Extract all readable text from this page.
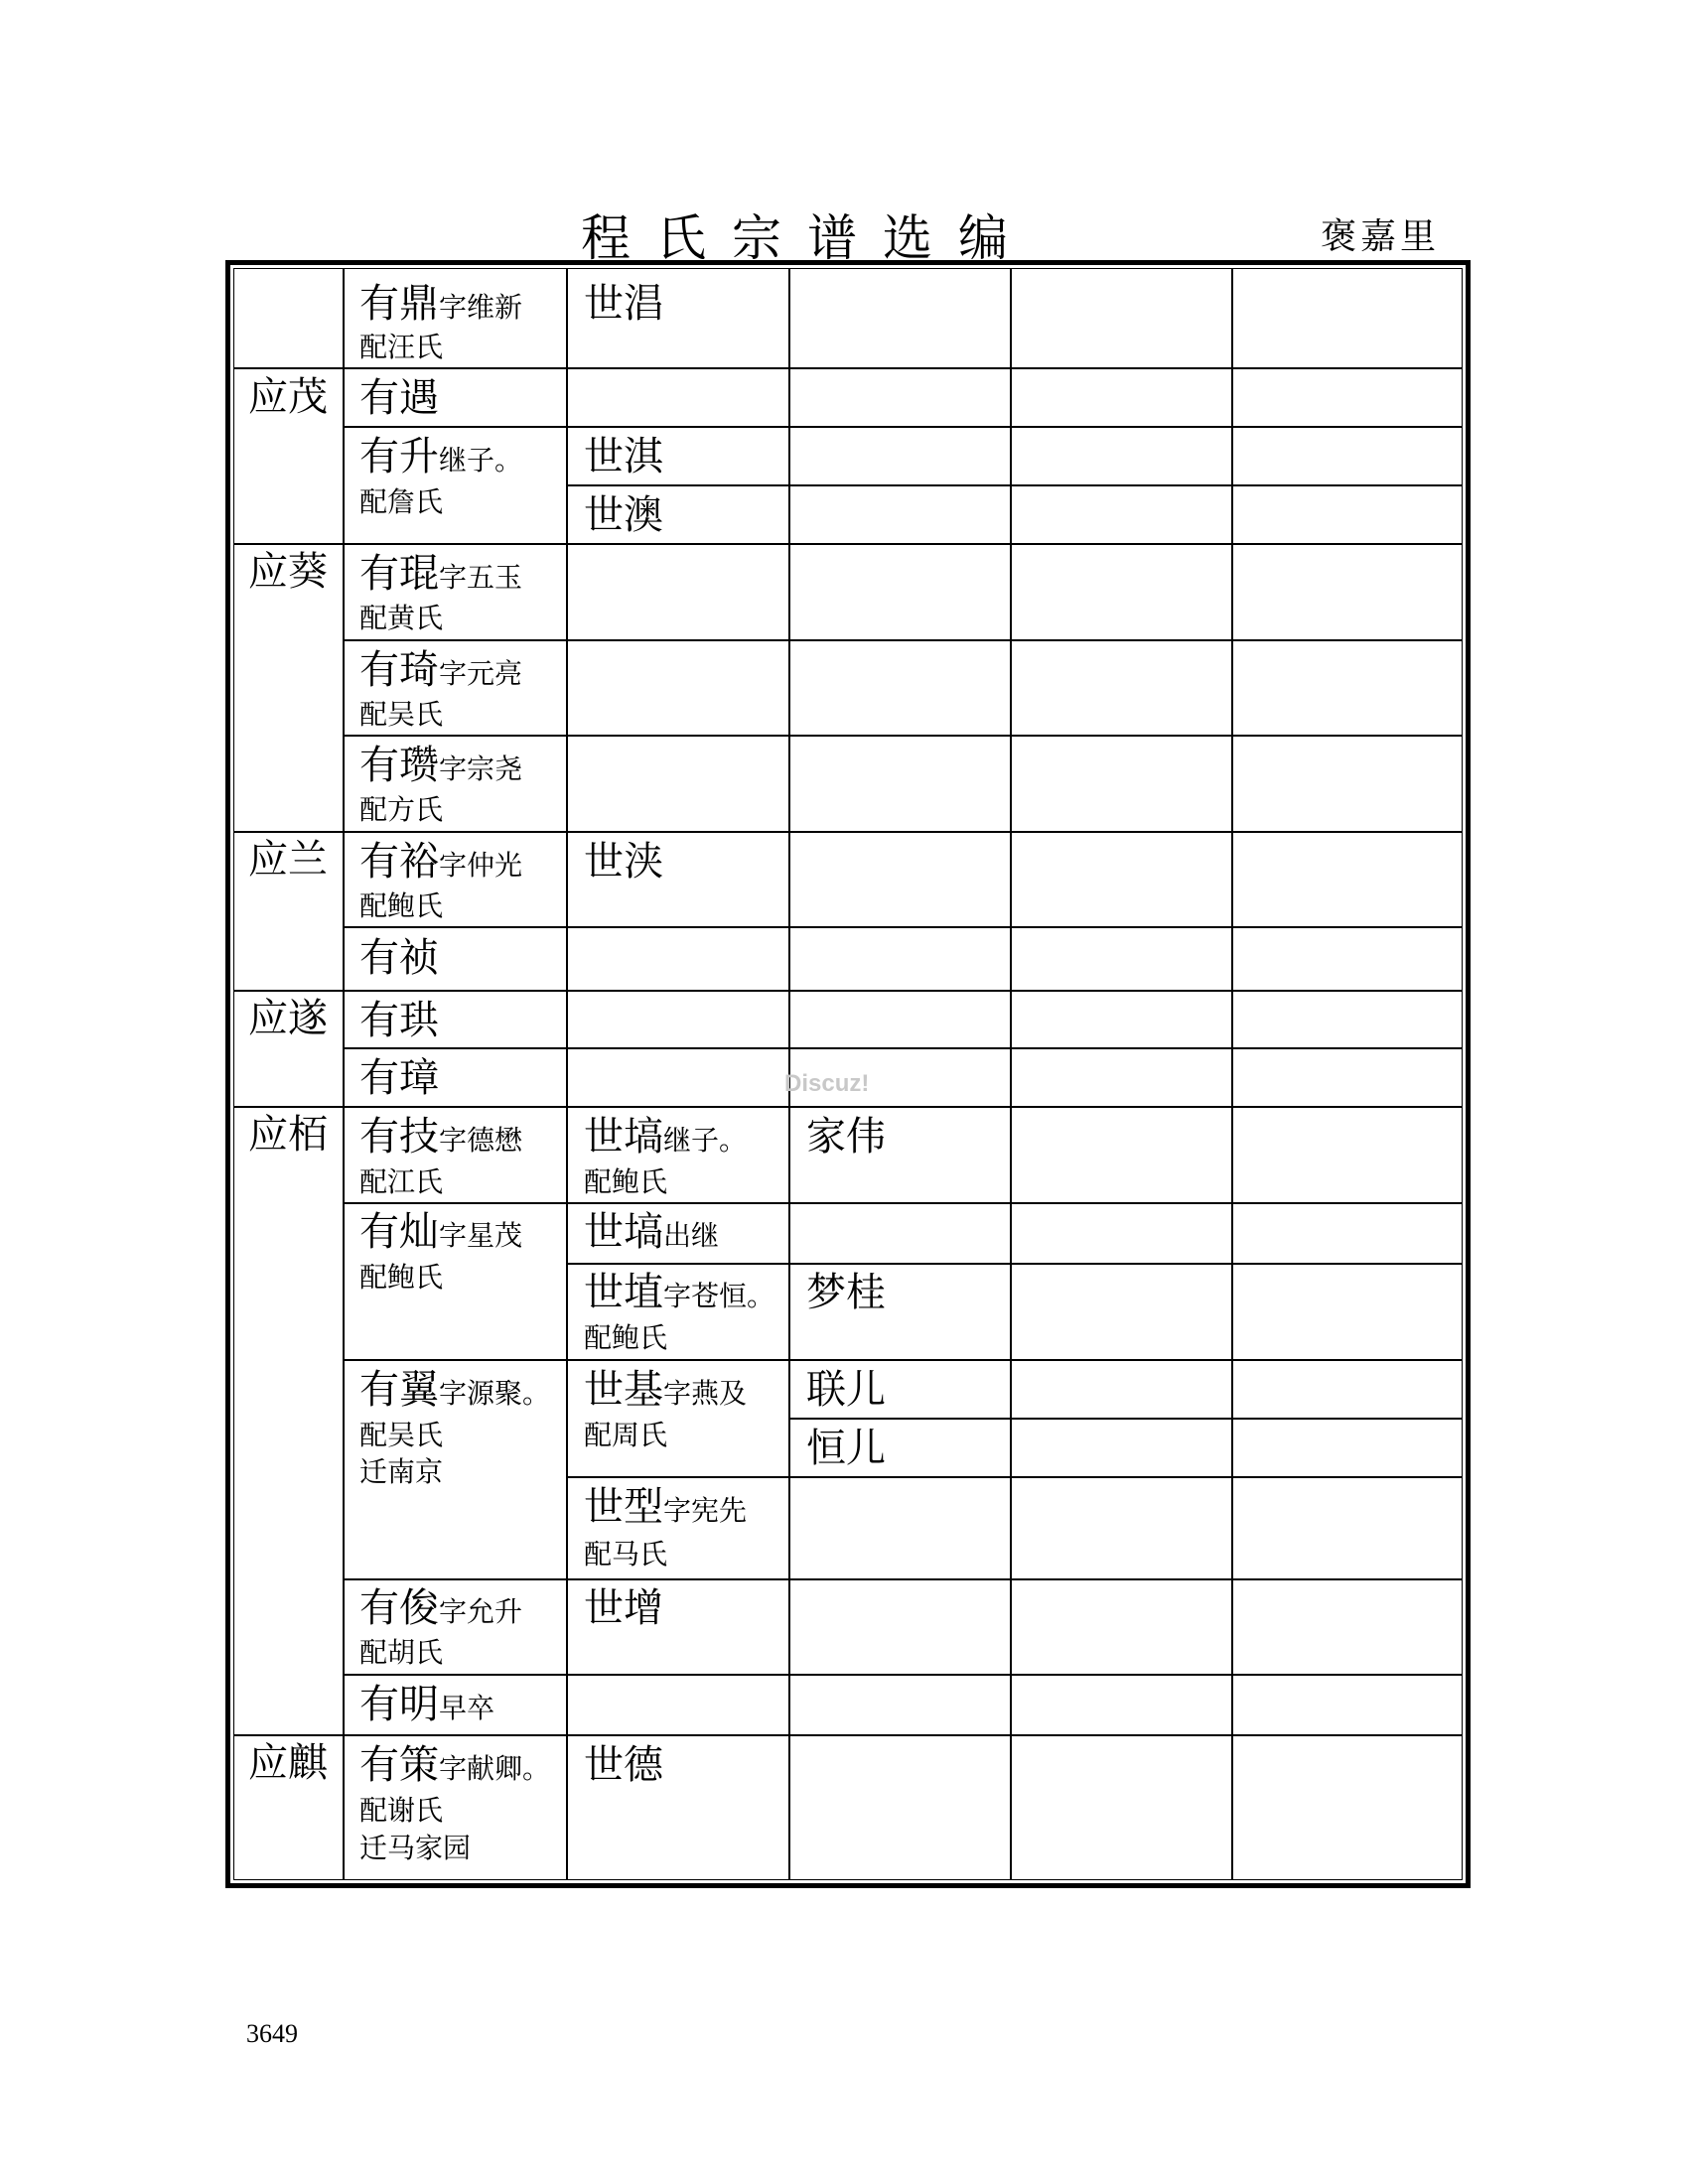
程氏宗谱选编	褒嘉里
应茂
应葵
应兰
应遂
应栢
应麒
有鼎字维新
配汪氏
有遇
有升继子。
配詹氏
有琨字五玉
配黄氏
有琦字元亮
配吴氏
有瓒字宗尧
配方氏
有裕字仲光
配鲍氏
有祯
有珙
有璋
有技字德懋
配江氏
有灿字星茂
配鲍氏
有翼字源聚。
配吴氏
迁南京
有俊字允升
配胡氏
有明早卒
有策字献卿。
配谢氏
迁马家园
世淐
世淇
世澳
世浃
世塙继子。
配鲍氏
世塙出继
世埴字苍恒。
配鲍氏
世基字燕及
配周氏
世型字宪先
配马氏
世增
世德
家伟
梦桂
联儿
恒儿
Discuz!
3649
